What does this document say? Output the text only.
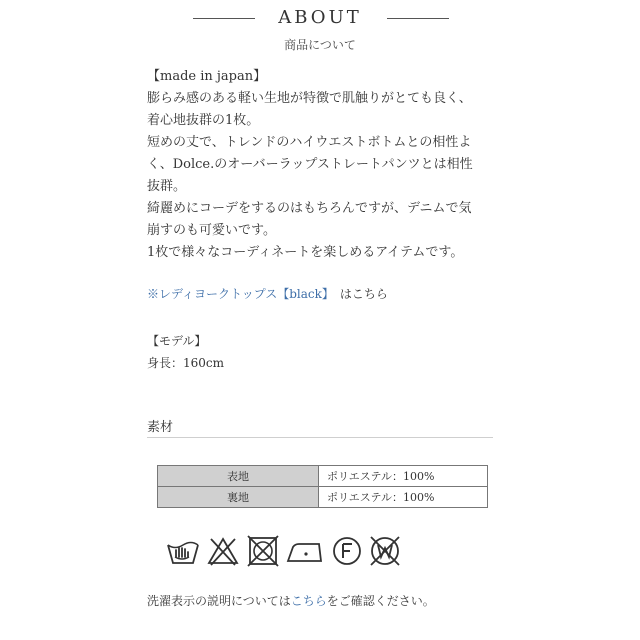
ABOUT
商品について

【made in japan】

膨らみ感のある軽い生地が特徴で肌触りがとても良く、

着心地抜群の1枚。

短めの丈で、トレンドのハイウエストボトムとの相性よ

く、Dolce.のオーバーラップストレートパンツとは相性

抜群。

綺麗めにコーデをするのはもちろんですが、デニムで気

崩すのも可愛いです。

1枚で様々なコーディネートを楽しめるアイテムです。

※レディヨークトップス【black】 はこちら

【モデル】

身長：160cm

素材
表地	ポリエステル：100%
裏地	ポリエステル：100%
洗濯表示の説明についてはこちらをご確認ください。
